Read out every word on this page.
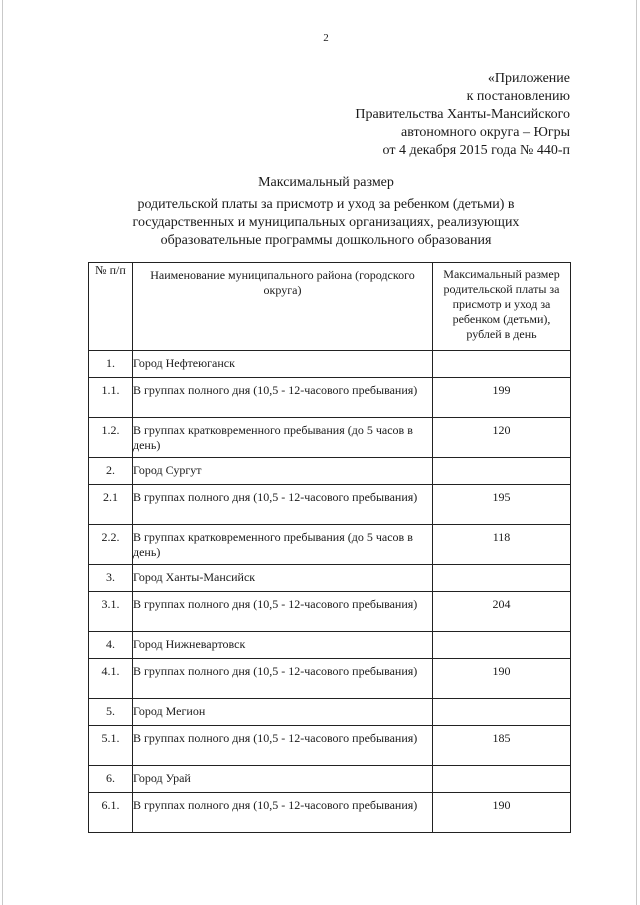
2
«Приложение
к постановлению
Правительства Ханты-Мансийского
автономного округа – Югры
от 4 декабря 2015 года № 440-п
Максимальный размер
родительской платы за присмотр и уход за ребенком (детьми) в
государственных и муниципальных организациях, реализующих
образовательные программы дошкольного образования
№ п/п	Наименование муниципального района (городского округа)	Максимальный размер родительской платы за присмотр и уход за ребенком (детьми), рублей в день
1.	Город Нефтеюганск	
1.1.	В группах полного дня (10,5 - 12-часового пребывания)	199
1.2.	В группах кратковременного пребывания (до 5 часов в день)	120
2.	Город Сургут	
2.1	В группах полного дня (10,5 - 12-часового пребывания)	195
2.2.	В группах кратковременного пребывания (до 5 часов в день)	118
3.	Город Ханты-Мансийск	
3.1.	В группах полного дня (10,5 - 12-часового пребывания)	204
4.	Город Нижневартовск	
4.1.	В группах полного дня (10,5 - 12-часового пребывания)	190
5.	Город Мегион	
5.1.	В группах полного дня (10,5 - 12-часового пребывания)	185
6.	Город Урай	
6.1.	В группах полного дня (10,5 - 12-часового пребывания)	190
